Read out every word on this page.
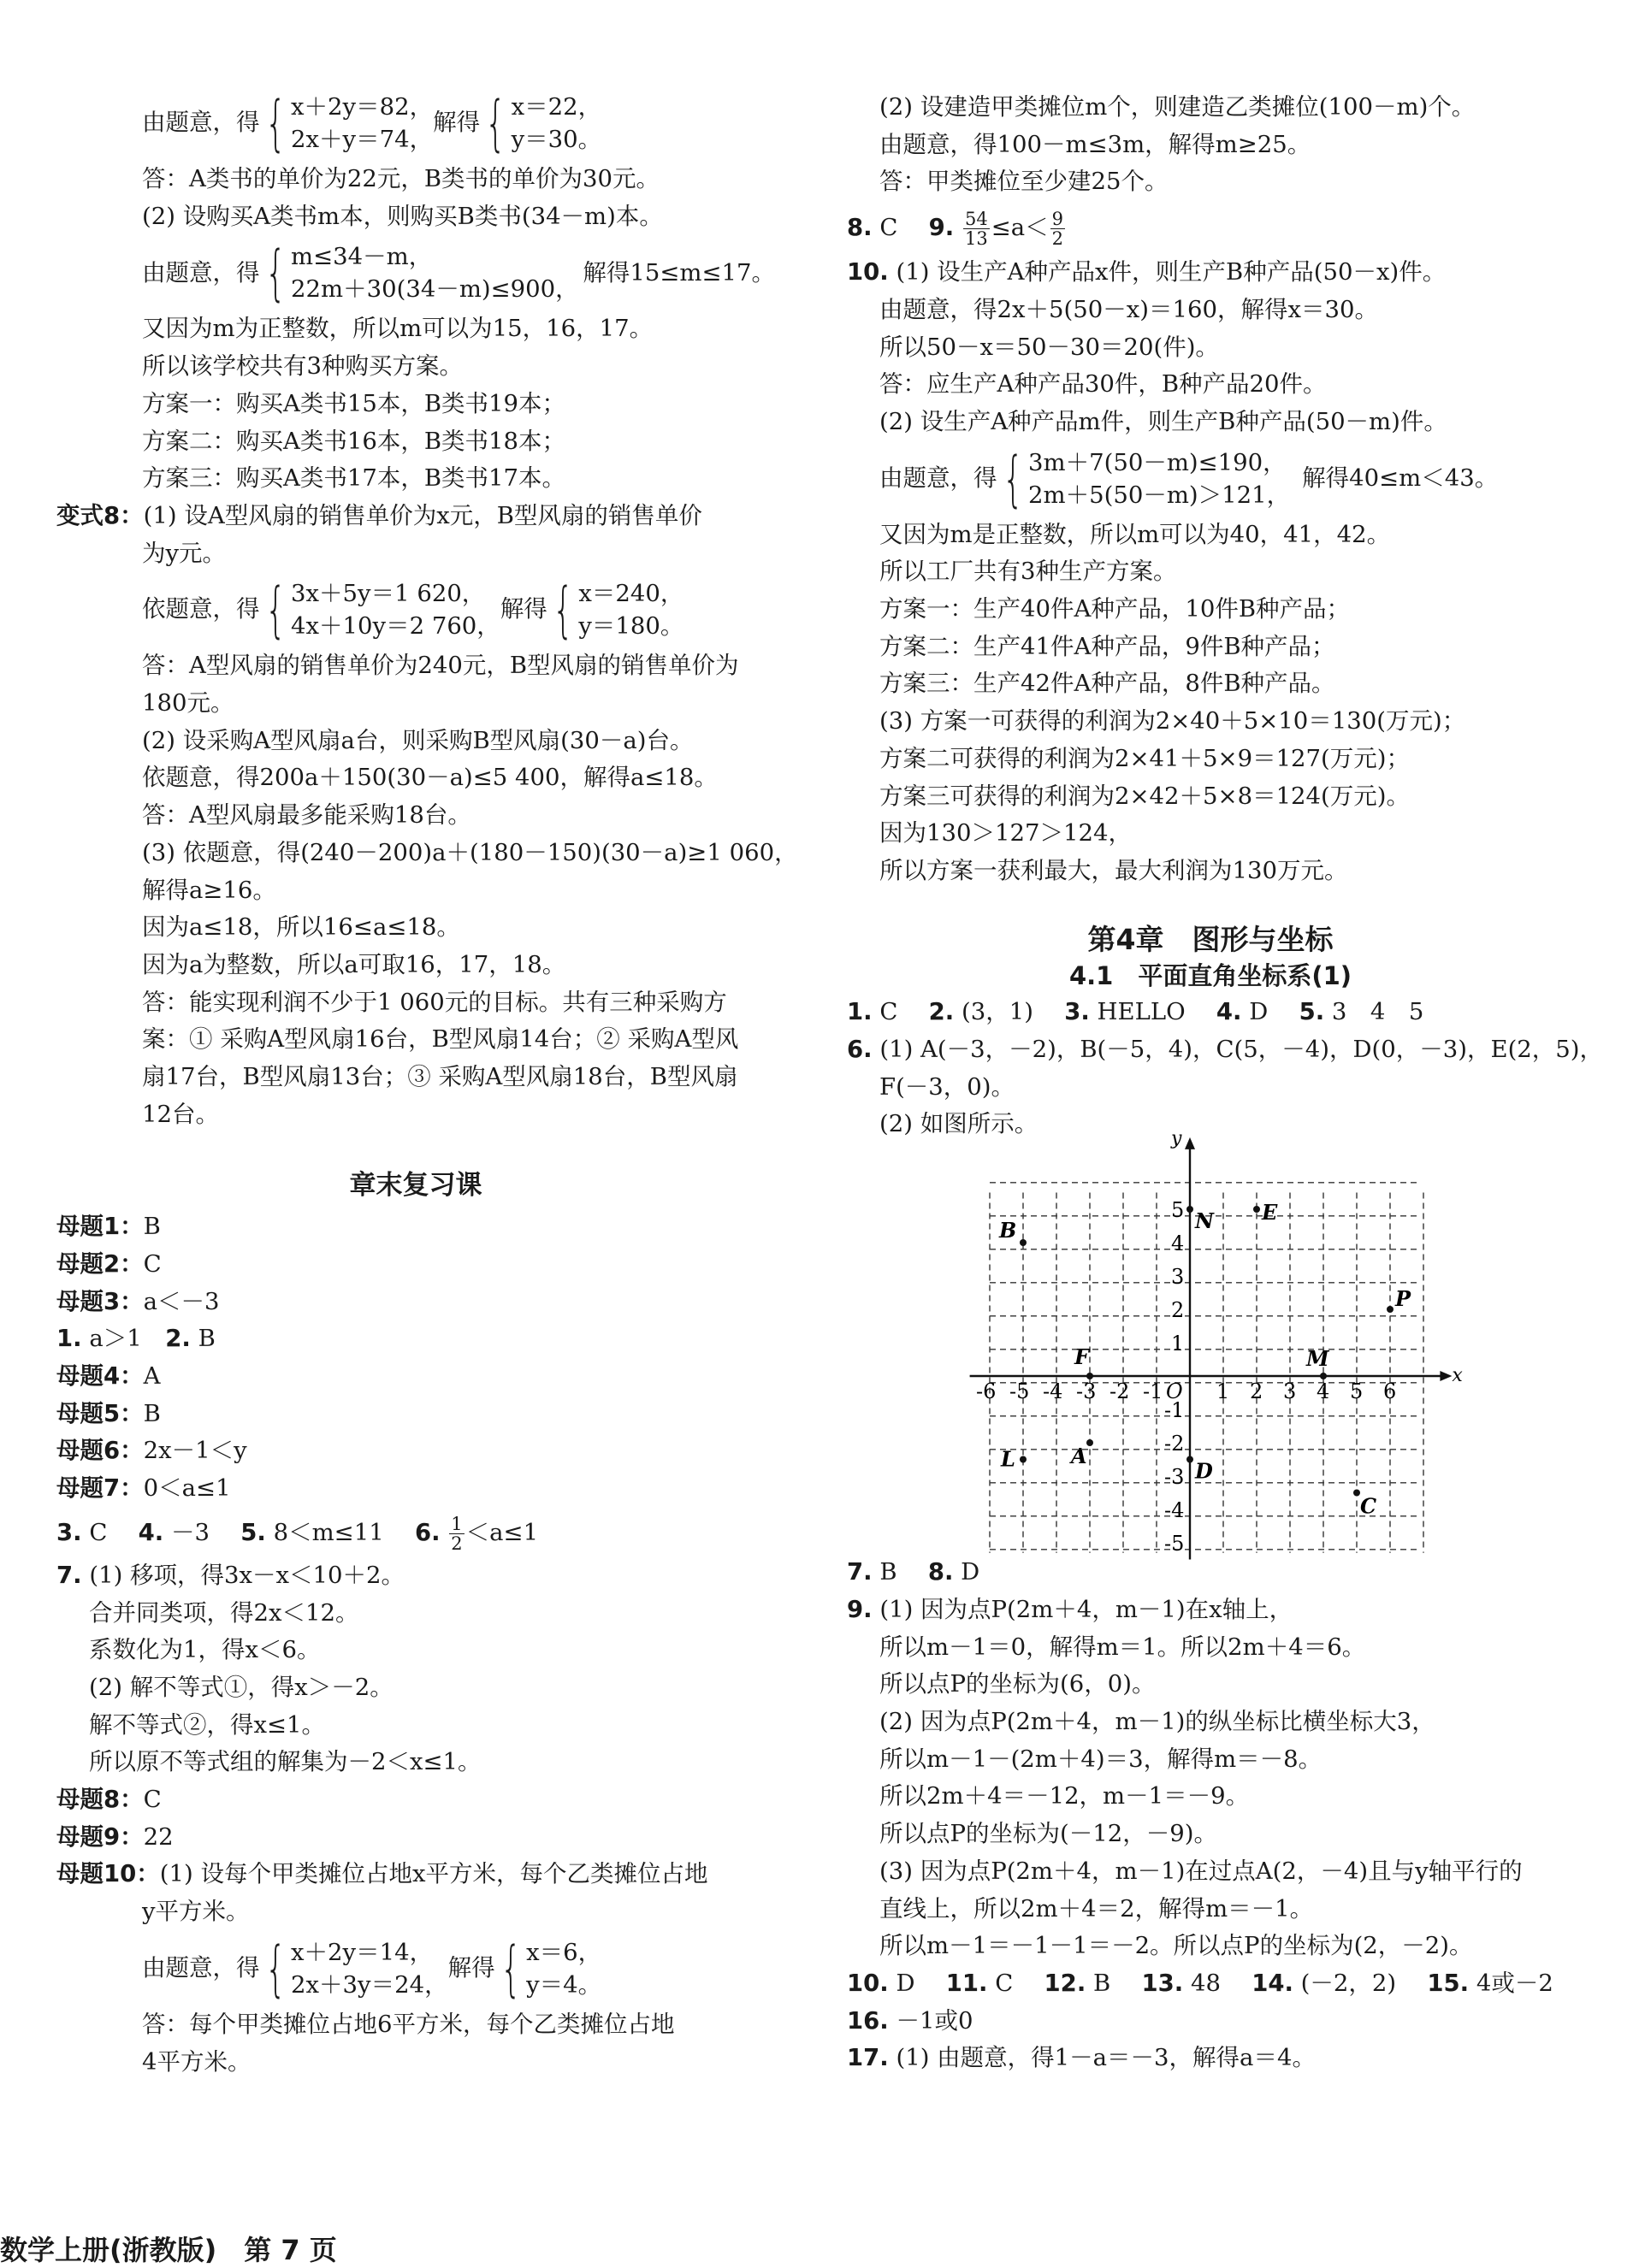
由题意，得 { x＋2y＝82，
2x＋y＝74，
解得 { x＝22，
y＝30。
答：A类书的单价为22元，B类书的单价为30元。
(2) 设购买A类书m本，则购买B类书(34－m)本。
由题意，得 { m≤34－m，
22m＋30(34－m)≤900，
解得15≤m≤17。
又因为m为正整数，所以m可以为15，16，17。
所以该学校共有3种购买方案。
方案一：购买A类书15本，B类书19本；
方案二：购买A类书16本，B类书18本；
方案三：购买A类书17本，B类书17本。
变式8：(1) 设A型风扇的销售单价为x元，B型风扇的销售单价
为y元。
依题意，得 { 3x＋5y＝1 620，
4x＋10y＝2 760，
解得 { x＝240，
y＝180。
答：A型风扇的销售单价为240元，B型风扇的销售单价为
180元。
(2) 设采购A型风扇a台，则采购B型风扇(30－a)台。
依题意，得200a＋150(30－a)≤5 400，解得a≤18。
答：A型风扇最多能采购18台。
(3) 依题意，得(240－200)a＋(180－150)(30－a)≥1 060，
解得a≥16。
因为a≤18，所以16≤a≤18。
因为a为整数，所以a可取16，17，18。
答：能实现利润不少于1 060元的目标。共有三种采购方
案：① 采购A型风扇16台，B型风扇14台；② 采购A型风
扇17台，B型风扇13台；③ 采购A型风扇18台，B型风扇
12台。
章末复习课
母题1：B
母题2：C
母题3：a＜－3
1. a＞1　 2. B
母题4：A
母题5：B
母题6：2x－1＜y
母题7：0＜a≤1
3. C　 4. －3　 5. 8＜m≤11　 6. $\frac{1}{2} <a\le 1$
7. (1) 移项，得3x－x＜10＋2。
合并同类项，得2x＜12。
系数化为1，得x＜6。
(2) 解不等式①，得x＞－2。
解不等式②，得x≤1。
所以原不等式组的解集为－2＜x≤1。
母题8：C
母题9：22
母题10：(1) 设每个甲类摊位占地x平方米，每个乙类摊位占地
y平方米。
由题意，得 { x＋2y＝14，
2x＋3y＝24，
解得 { x＝6，
y＝4。
答：每个甲类摊位占地6平方米，每个乙类摊位占地
4平方米。
(2) 设建造甲类摊位m个，则建造乙类摊位(100－m)个。
由题意，得100－m≤3m，解得m≥25。
答：甲类摊位至少建25个。
8. C　 9. $\frac{54}{13} \le a< \frac{9}{2}$
10. (1) 设生产A种产品x件，则生产B种产品(50－x)件。
由题意，得2x＋5(50－x)＝160，解得x＝30。
所以50－x＝50－30＝20(件)。
答：应生产A种产品30件，B种产品20件。
(2) 设生产A种产品m件，则生产B种产品(50－m)件。
由题意，得 { 3m＋7(50－m)≤190，
2m＋5(50－m)＞121，
解得40≤m＜43。
又因为m是正整数，所以m可以为40，41，42。
所以工厂共有3种生产方案。
方案一：生产40件A种产品，10件B种产品；
方案二：生产41件A种产品，9件B种产品；
方案三：生产42件A种产品，8件B种产品。
(3) 方案一可获得的利润为2×40＋5×10＝130(万元)；
方案二可获得的利润为2×41＋5×9＝127(万元)；
方案三可获得的利润为2×42＋5×8＝124(万元)。
因为130＞127＞124，
所以方案一获利最大，最大利润为130万元。
第4章　图形与坐标
4.1　平面直角坐标系(1)
1. C　 2. (3，1)　 3. HELLO　 4. D　 5. 3　4　5
6. (1) A(－3，－2)，B(－5，4)，C(5，－4)，D(0，－3)，E(2，5)，
F(－3，0)。
(2) 如图所示。
x
y
O
-6 -5 -4 -3 -2 -1	1 2 3 4 5 6
5
4
3
2
1
-1
-2
-3
-4
-5
B	N E
P
F	M
A
L	D
C
7. B　 8. D
9. (1) 因为点P(2m＋4，m－1)在x轴上，
所以m－1＝0，解得m＝1。所以2m＋4＝6。
所以点P的坐标为(6，0)。
(2) 因为点P(2m＋4，m－1)的纵坐标比横坐标大3，
所以m－1－(2m＋4)＝3，解得m＝－8。
所以2m＋4＝－12，m－1＝－9。
所以点P的坐标为(－12，－9)。
(3) 因为点P(2m＋4，m－1)在过点A(2，－4)且与y轴平行的
直线上，所以2m＋4＝2，解得m＝－1。
所以m－1＝－1－1＝－2。所以点P的坐标为(2，－2)。
10. D　 11. C　 12. B　 13. 48　 14. (－2，2)　 15. 4或－2
16. －1或0
17. (1) 由题意，得1－a＝－3，解得a＝4。
数学上册(浙教版)　第 7 页
